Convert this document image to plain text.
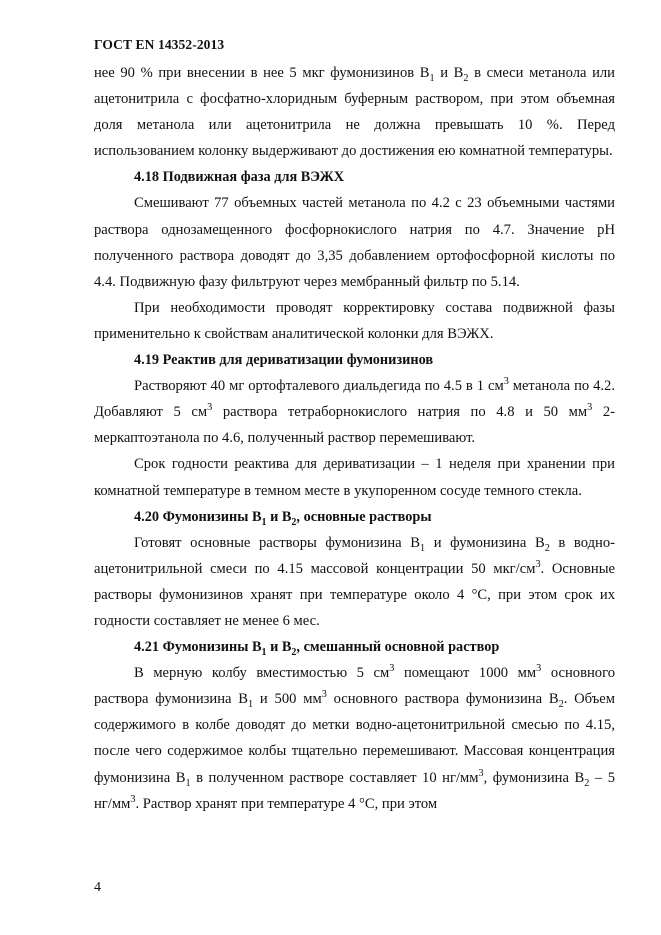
ГОСТ EN 14352-2013

нее 90 % при внесении в нее 5 мкг фумонизинов $B_1$ и $B_2$ в смеси метанола или ацетонитрила с фосфатно-хлоридным буферным раствором, при этом объемная доля метанола или ацетонитрила не должна превышать 10 %. Перед использованием колонку выдерживают до достижения ею комнатной температуры.

4.18 Подвижная фаза для ВЭЖХ

Смешивают 77 объемных частей метанола по 4.2 с 23 объемными частями раствора однозамещенного фосфорнокислого натрия по 4.7. Значение рН полученного раствора доводят до 3,35 добавлением ортофосфорной кислоты по 4.4. Подвижную фазу фильтруют через мембранный фильтр по 5.14.

При необходимости проводят корректировку состава подвижной фазы применительно к свойствам аналитической колонки для ВЭЖХ.

4.19 Реактив для дериватизации фумонизинов

Растворяют 40 мг ортофталевого диальдегида по 4.5 в 1 $см^3$ метанола по 4.2. Добавляют 5 $см^3$ раствора тетраборнокислого натрия по 4.8 и 50 $мм^3$ 2-меркаптоэтанола по 4.6, полученный раствор перемешивают.

Срок годности реактива для дериватизации – 1 неделя при хранении при комнатной температуре в темном месте в укупоренном сосуде темного стекла.

4.20 Фумонизины $B_1$ и $B_2$, основные растворы

Готовят основные растворы фумонизина $B_1$ и фумонизина $B_2$ в водно-ацетонитрильной смеси по 4.15 массовой концентрации 50 мкг/$см^3$. Основные растворы фумонизинов хранят при температуре около 4 °С, при этом срок их годности составляет не менее 6 мес.

4.21 Фумонизины $B_1$ и $B_2$, смешанный основной раствор

В мерную колбу вместимостью 5 $см^3$ помещают 1000 $мм^3$ основного раствора фумонизина $B_1$ и 500 $мм^3$ основного раствора фумонизина $B_2$. Объем содержимого в колбе доводят до метки водно-ацетонитрильной смесью по 4.15, после чего содержимое колбы тщательно перемешивают. Массовая концентрация фумонизина $B_1$ в полученном растворе составляет 10 $нг/мм^3$, фумонизина $B_2 - 5$ $нг/мм^3$. Раствор хранят при температуре 4 °С, при этом

4
